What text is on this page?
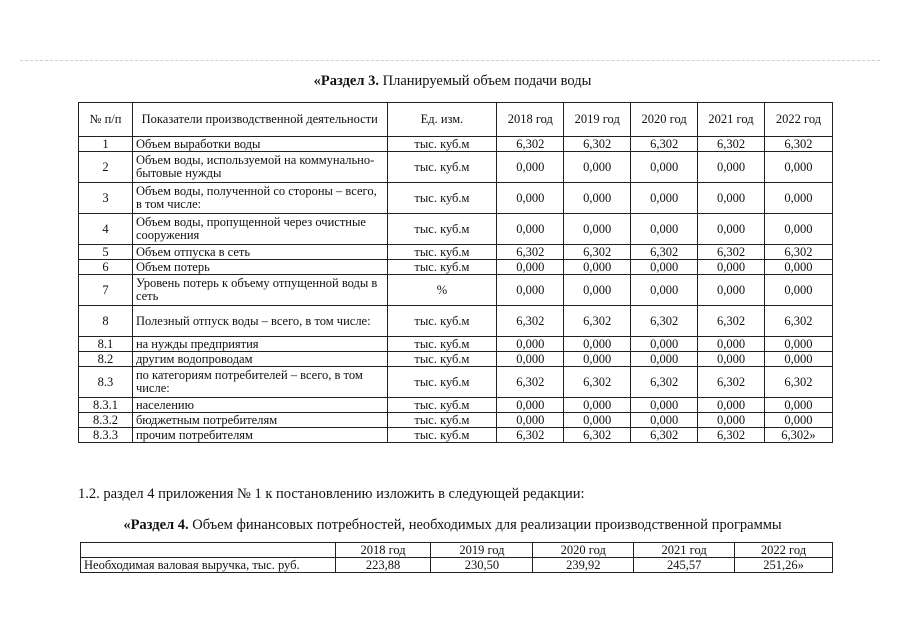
«Раздел 3. Планируемый объем подачи воды
№ п/п	Показатели производственной деятельности	Ед. изм.	2018 год	2019 год	2020 год	2021 год	2022 год
1	Объем выработки воды	тыс. куб.м	6,302	6,302	6,302	6,302	6,302
2	Объем воды, используемой на коммунально-бытовые нужды	тыс. куб.м	0,000	0,000	0,000	0,000	0,000
3	Объем воды, полученной со стороны – всего, в том числе:	тыс. куб.м	0,000	0,000	0,000	0,000	0,000
4	Объем воды, пропущенной через очистные сооружения	тыс. куб.м	0,000	0,000	0,000	0,000	0,000
5	Объем отпуска в сеть	тыс. куб.м	6,302	6,302	6,302	6,302	6,302
6	Объем потерь	тыс. куб.м	0,000	0,000	0,000	0,000	0,000
7	Уровень потерь к объему отпущенной воды в сеть	%	0,000	0,000	0,000	0,000	0,000
8	Полезный отпуск воды – всего, в том числе:	тыс. куб.м	6,302	6,302	6,302	6,302	6,302
8.1	на нужды предприятия	тыс. куб.м	0,000	0,000	0,000	0,000	0,000
8.2	другим водопроводам	тыс. куб.м	0,000	0,000	0,000	0,000	0,000
8.3	по категориям потребителей – всего, в том числе:	тыс. куб.м	6,302	6,302	6,302	6,302	6,302
8.3.1	населению	тыс. куб.м	0,000	0,000	0,000	0,000	0,000
8.3.2	бюджетным потребителям	тыс. куб.м	0,000	0,000	0,000	0,000	0,000
8.3.3	прочим потребителям	тыс. куб.м	6,302	6,302	6,302	6,302	6,302»
1.2. раздел 4 приложения № 1 к постановлению изложить в следующей редакции:
«Раздел 4. Объем финансовых потребностей, необходимых для реализации производственной программы
	2018 год	2019 год	2020 год	2021 год	2022 год
Необходимая валовая выручка, тыс. руб.	223,88	230,50	239,92	245,57	251,26»
